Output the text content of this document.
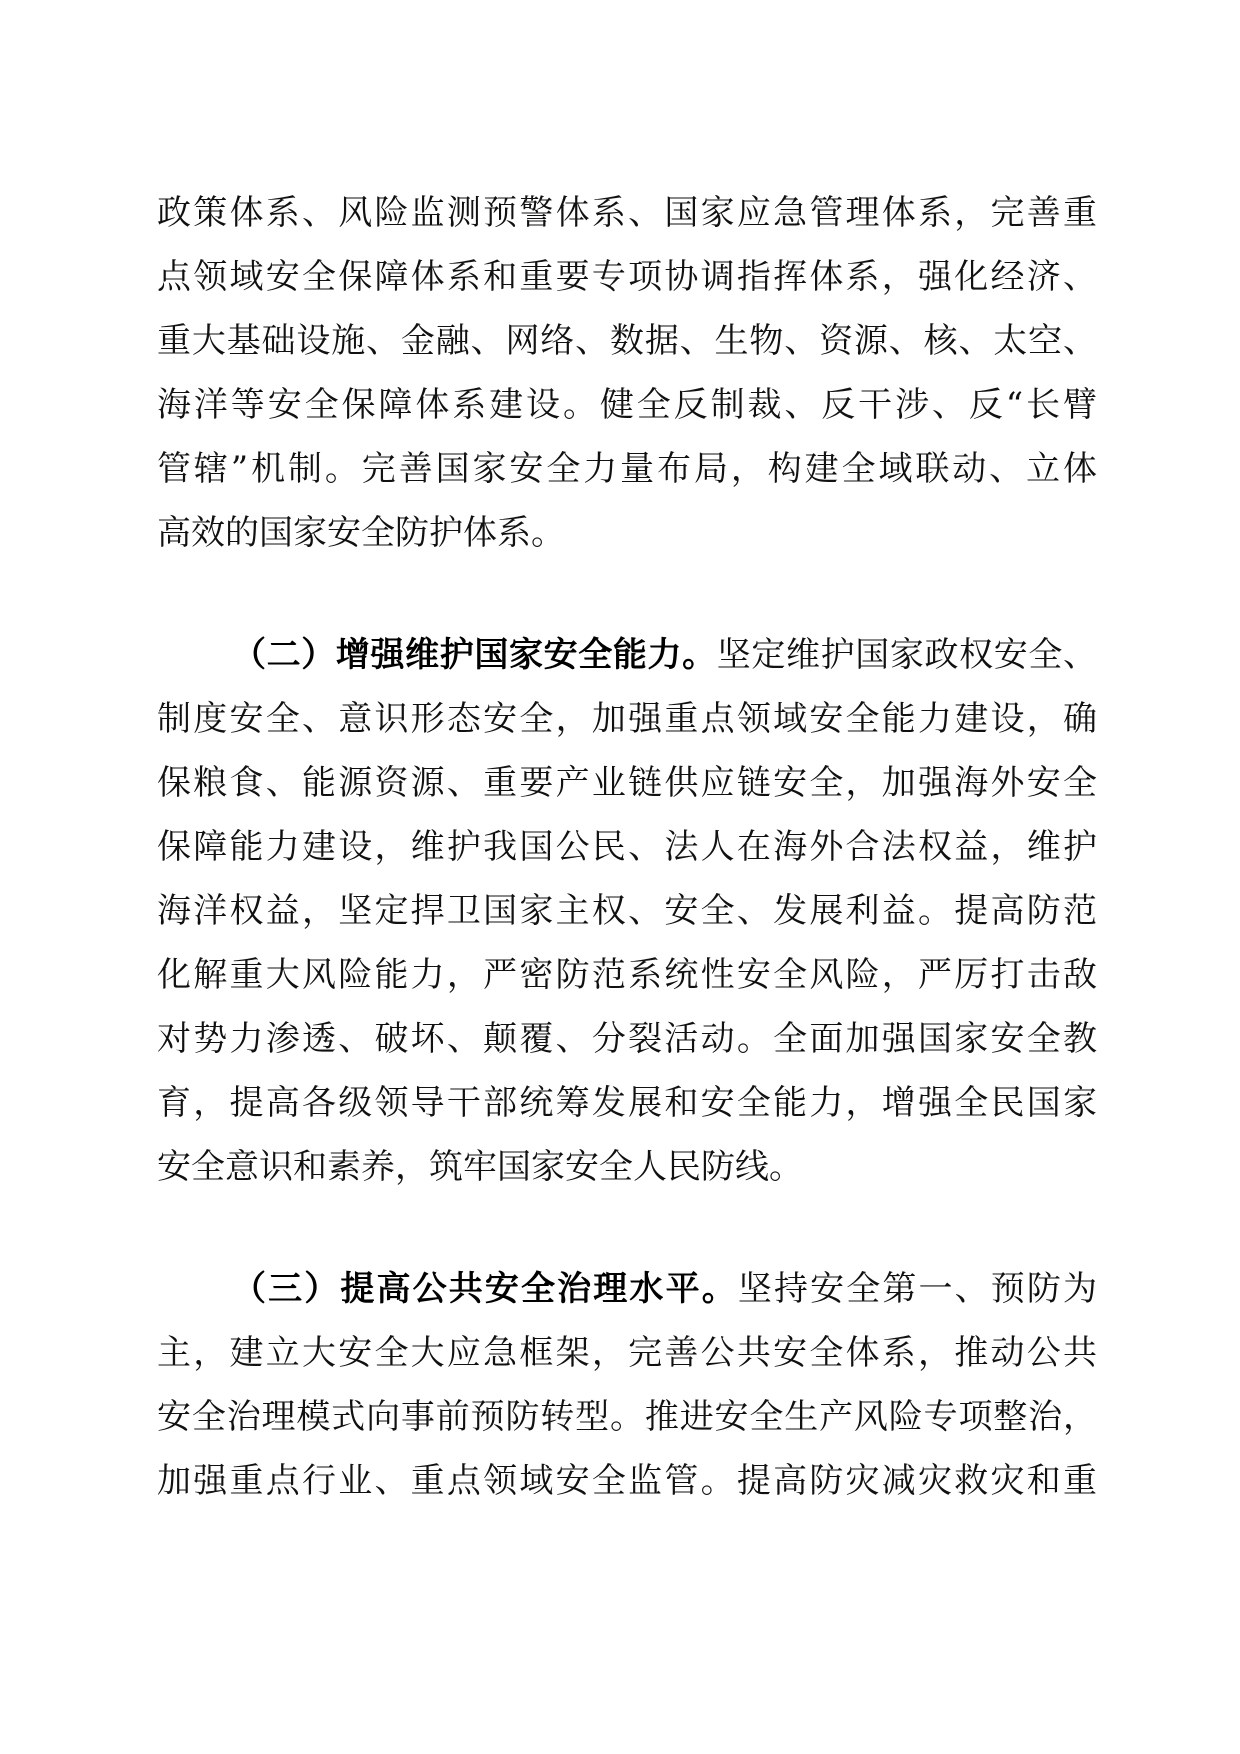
政策体系、风险监测预警体系、国家应急管理体系，完善重
点领域安全保障体系和重要专项协调指挥体系，强化经济、
重大基础设施、金融、网络、数据、生物、资源、核、太空、
海洋等安全保障体系建设。健全反制裁、反干涉、反“长臂
管辖”机制。完善国家安全力量布局，构建全域联动、立体
高效的国家安全防护体系。
（二）增强维护国家安全能力。坚定维护国家政权安全、
制度安全、意识形态安全，加强重点领域安全能力建设，确
保粮食、能源资源、重要产业链供应链安全，加强海外安全
保障能力建设，维护我国公民、法人在海外合法权益，维护
海洋权益，坚定捍卫国家主权、安全、发展利益。提高防范
化解重大风险能力，严密防范系统性安全风险，严厉打击敌
对势力渗透、破坏、颠覆、分裂活动。全面加强国家安全教
育，提高各级领导干部统筹发展和安全能力，增强全民国家
安全意识和素养，筑牢国家安全人民防线。
（三）提高公共安全治理水平。坚持安全第一、预防为
主，建立大安全大应急框架，完善公共安全体系，推动公共
安全治理模式向事前预防转型。推进安全生产风险专项整治，
加强重点行业、重点领域安全监管。提高防灾减灾救灾和重
